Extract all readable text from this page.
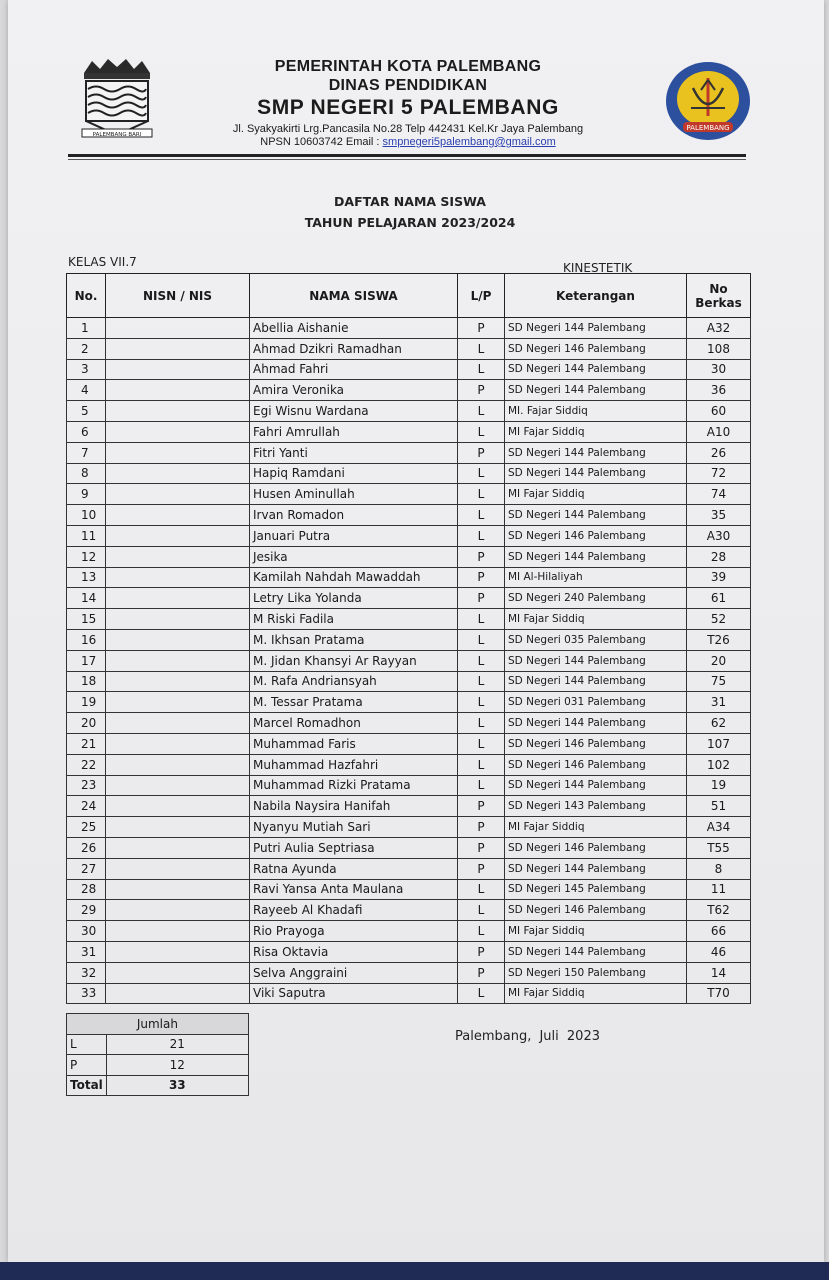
PALEMBANG BARI
PEMERINTAH KOTA PALEMBANG
DINAS PENDIDIKAN
SMP NEGERI 5 PALEMBANG
Jl. Syakyakirti Lrg.Pancasila No.28 Telp 442431 Kel.Kr Jaya Palembang
NPSN 10603742 Email : smpnegeri5palembang@gmail.com
PALEMBANG
DAFTAR NAMA SISWA
TAHUN PELAJARAN 2023/2024
KELAS VII.7	KINESTETIK
No.	NISN / NIS	NAMA SISWA	L/P	Keterangan	No Berkas
1		Abellia Aishanie	P	SD Negeri 144 Palembang	A32
2		Ahmad Dzikri Ramadhan	L	SD Negeri 146 Palembang	108
3		Ahmad Fahri	L	SD Negeri 144 Palembang	30
4		Amira Veronika	P	SD Negeri 144 Palembang	36
5		Egi Wisnu Wardana	L	MI. Fajar Siddiq	60
6		Fahri Amrullah	L	MI Fajar Siddiq	A10
7		Fitri Yanti	P	SD Negeri 144 Palembang	26
8		Hapiq Ramdani	L	SD Negeri 144 Palembang	72
9		Husen Aminullah	L	MI Fajar Siddiq	74
10		Irvan Romadon	L	SD Negeri 144 Palembang	35
11		Januari Putra	L	SD Negeri 146 Palembang	A30
12		Jesika	P	SD Negeri 144 Palembang	28
13		Kamilah Nahdah Mawaddah	P	MI Al-Hilaliyah	39
14		Letry Lika Yolanda	P	SD Negeri 240 Palembang	61
15		M Riski Fadila	L	MI Fajar Siddiq	52
16		M. Ikhsan Pratama	L	SD Negeri 035 Palembang	T26
17		M. Jidan Khansyi Ar Rayyan	L	SD Negeri 144 Palembang	20
18		M. Rafa Andriansyah	L	SD Negeri 144 Palembang	75
19		M. Tessar Pratama	L	SD Negeri 031 Palembang	31
20		Marcel Romadhon	L	SD Negeri 144 Palembang	62
21		Muhammad Faris	L	SD Negeri 146 Palembang	107
22		Muhammad Hazfahri	L	SD Negeri 146 Palembang	102
23		Muhammad Rizki Pratama	L	SD Negeri 144 Palembang	19
24		Nabila Naysira Hanifah	P	SD Negeri 143 Palembang	51
25		Nyanyu Mutiah Sari	P	MI Fajar Siddiq	A34
26		Putri Aulia Septriasa	P	SD Negeri 146 Palembang	T55
27		Ratna Ayunda	P	SD Negeri 144 Palembang	8
28		Ravi Yansa Anta Maulana	L	SD Negeri 145 Palembang	11
29		Rayeeb Al Khadafi	L	SD Negeri 146 Palembang	T62
30		Rio Prayoga	L	MI Fajar Siddiq	66
31		Risa Oktavia	P	SD Negeri 144 Palembang	46
32		Selva Anggraini	P	SD Negeri 150 Palembang	14
33		Viki Saputra	L	MI Fajar Siddiq	T70
Jumlah	
L	21
P	12
Total	33
Palembang, Juli 2023
